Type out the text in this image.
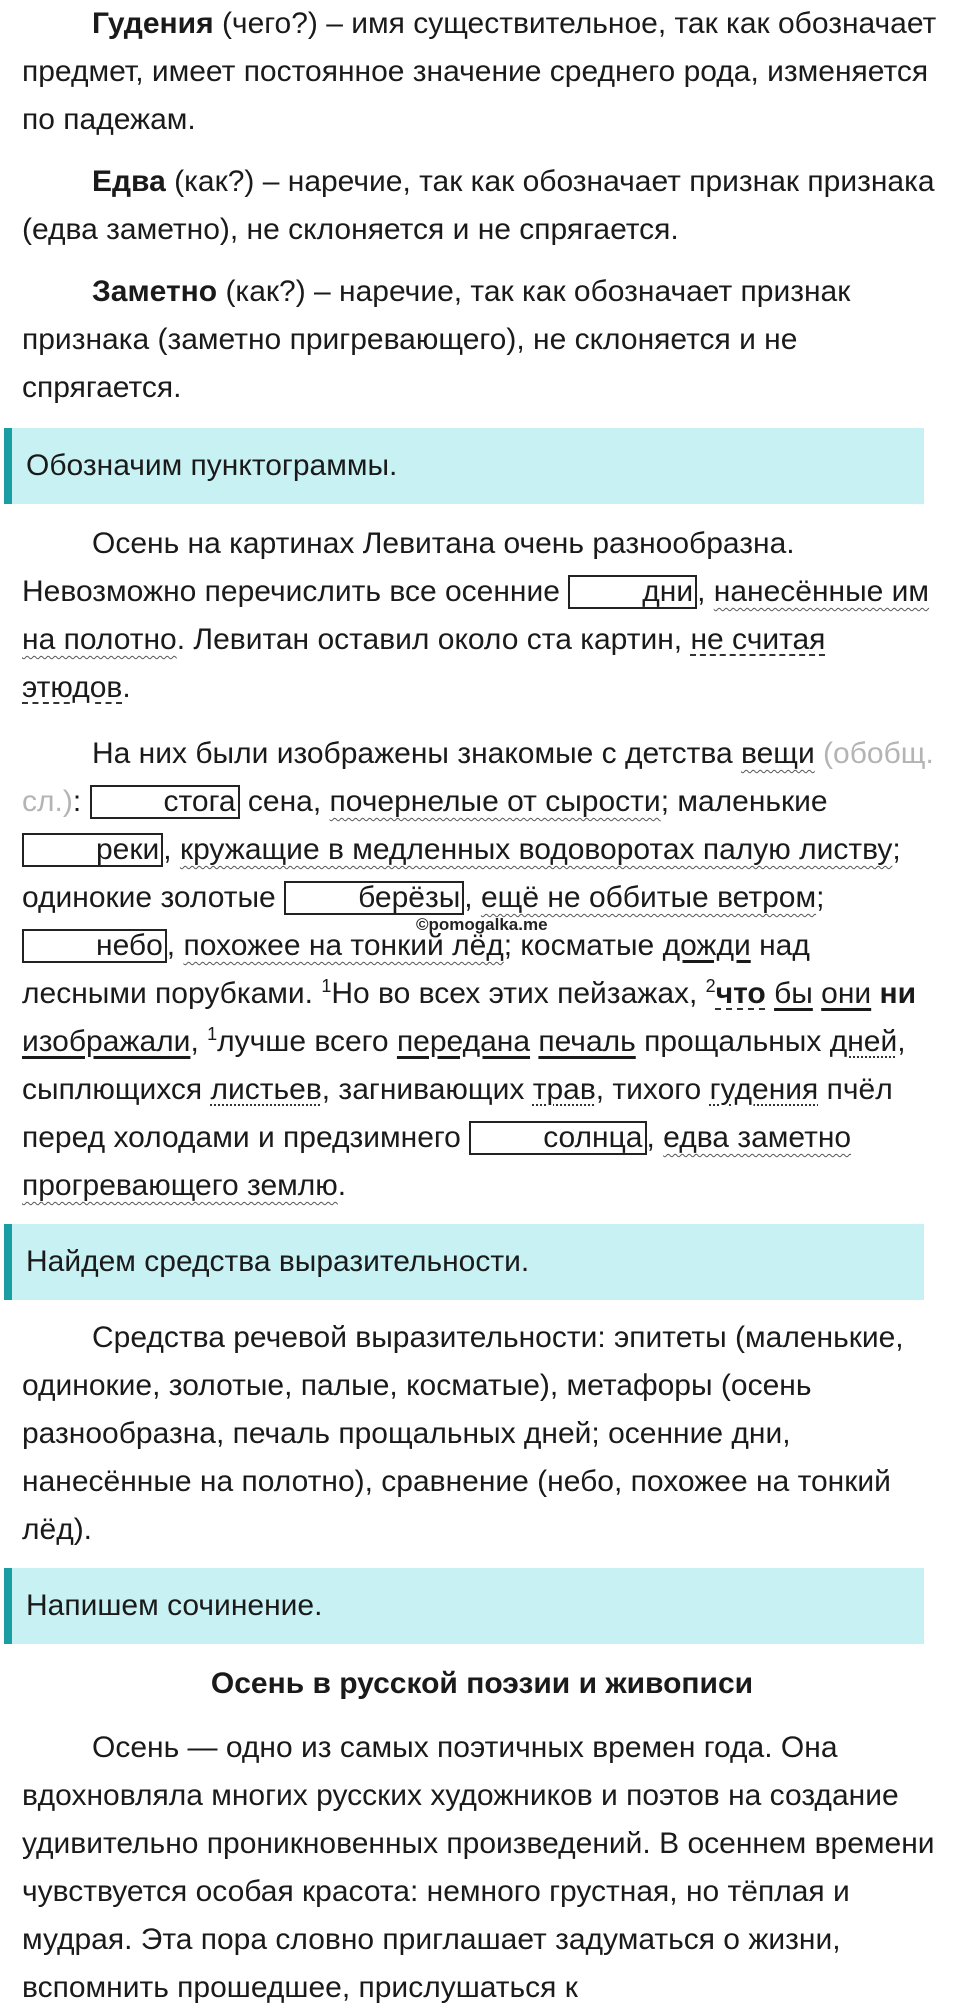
Гудения (чего?) – имя существительное, так как обозначает предмет, имеет постоянное значение среднего рода, изменяется по падежам.

Едва (как?) – наречие, так как обозначает признак признака (едва заметно), не склоняется и не спрягается.

Заметно (как?) – наречие, так как обозначает признак признака (заметно пригревающего), не склоняется и не спрягается.

Обозначим пунктограммы.

Осень на картинах Левитана очень разнообразна. Невозможно перечислить все осенние дни , нанесённые им на полотно. Левитан оставил около ста картин, не считая этюдов.

На них были изображены знакомые с детства вещи (обобщ. сл.): стога сена, почернелые от сырости; маленькие реки , кружащие в медленных водоворотах палую листву; одинокие золотые берёзы , ещё не оббитые ветром; небо , похожее на тонкий лёд; косматые дожди над лесными порубками. $^1$Но во всех этих пейзажах, $^2$что бы они ни изображали, $^1$лучше всего передана печаль прощальных дней, сыплющихся листьев, загнивающих трав, тихого гудения пчёл перед холодами и предзимнего солнца , едва заметно прогревающего землю.

©pomogalka.me
Найдем средства выразительности.

Средства речевой выразительности: эпитеты (маленькие, одинокие, золотые, палые, косматые), метафоры (осень разнообразна, печаль прощальных дней; осенние дни, нанесённые на полотно), сравнение (небо, похожее на тонкий лёд).

Напишем сочинение.
Осень в русской поэзии и живописи

Осень — одно из самых поэтичных времен года. Она вдохновляла многих русских художников и поэтов на создание удивительно проникновенных произведений. В осеннем времени чувствуется особая красота: немного грустная, но тёплая и мудрая. Эта пора словно приглашает задуматься о жизни, вспомнить прошедшее, прислушаться к
